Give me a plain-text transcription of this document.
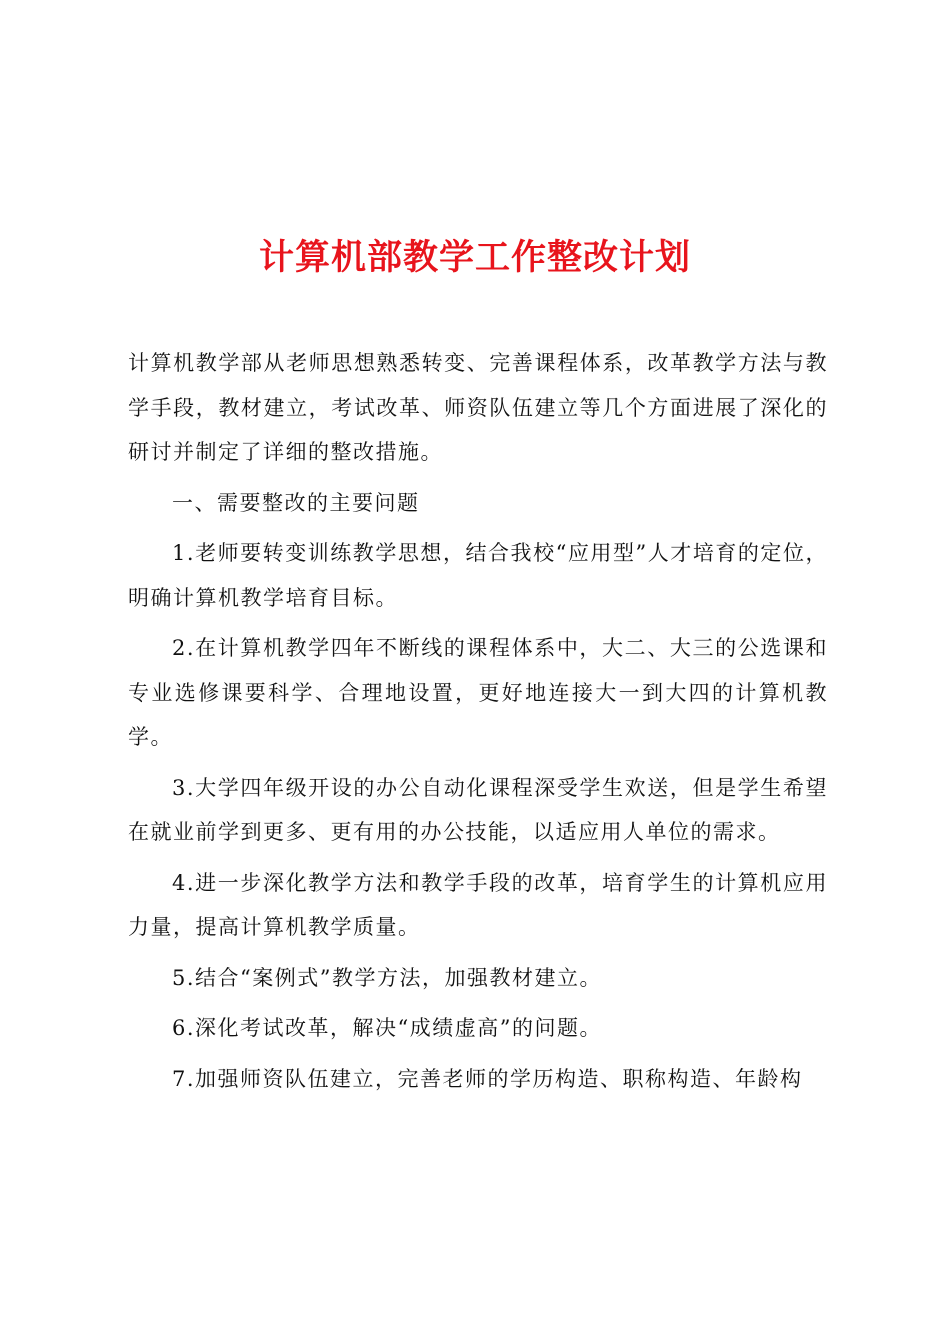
计算机部教学工作整改计划

计算机教学部从老师思想熟悉转变、完善课程体系，改革教学方法与教学手段，教材建立，考试改革、师资队伍建立等几个方面进展了深化的研讨并制定了详细的整改措施。

一、需要整改的主要问题

1.老师要转变训练教学思想，结合我校“应用型”人才培育的定位，明确计算机教学培育目标。

2.在计算机教学四年不断线的课程体系中，大二、大三的公选课和专业选修课要科学、合理地设置，更好地连接大一到大四的计算机教学。

3.大学四年级开设的办公自动化课程深受学生欢送，但是学生希望在就业前学到更多、更有用的办公技能，以适应用人单位的需求。

4.进一步深化教学方法和教学手段的改革，培育学生的计算机应用力量，提高计算机教学质量。

5.结合“案例式”教学方法，加强教材建立。

6.深化考试改革，解决“成绩虚高”的问题。

7.加强师资队伍建立，完善老师的学历构造、职称构造、年龄构
